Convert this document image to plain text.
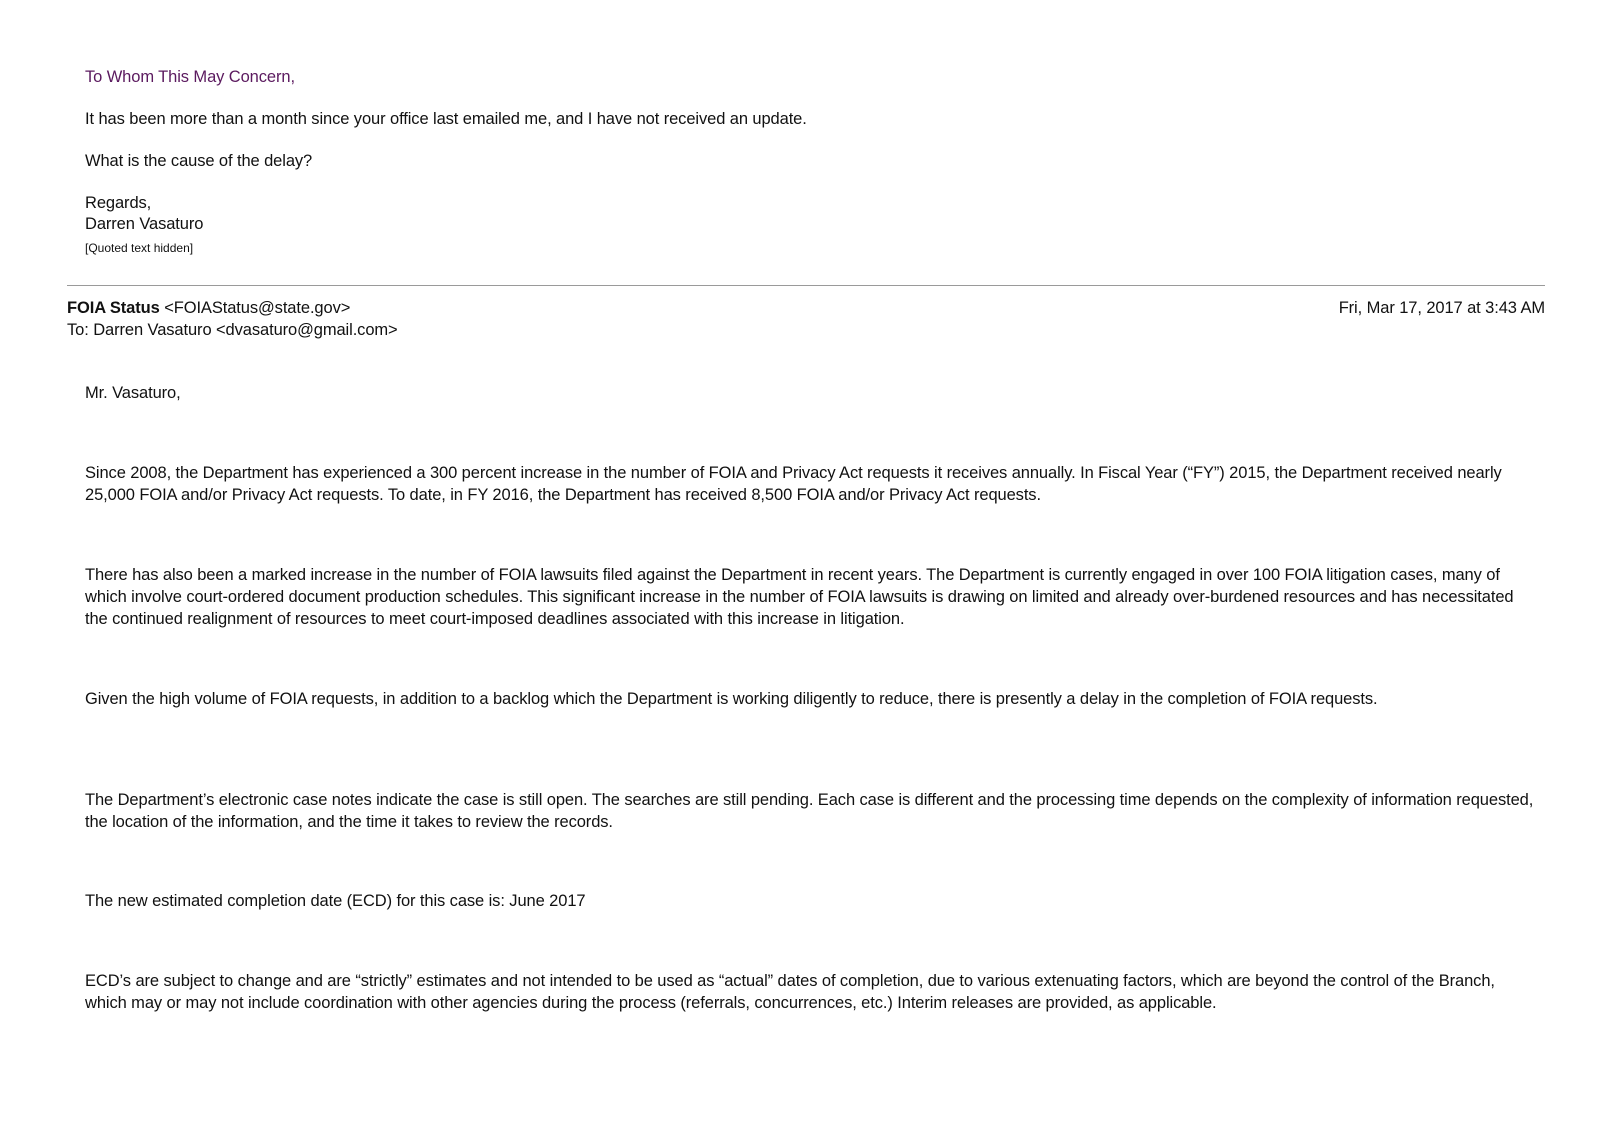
To Whom This May Concern,
It has been more than a month since your office last emailed me, and I have not received an update.
What is the cause of the delay?
Regards,
Darren Vasaturo
[Quoted text hidden]
FOIA Status <FOIAStatus@state.gov>
To: Darren Vasaturo <dvasaturo@gmail.com>
Fri, Mar 17, 2017 at 3:43 AM
Mr. Vasaturo,
Since 2008, the Department has experienced a 300 percent increase in the number of FOIA and Privacy Act requests it receives annually. In Fiscal Year (“FY”) 2015, the Department received nearly 25,000 FOIA and/or Privacy Act requests. To date, in FY 2016, the Department has received 8,500 FOIA and/or Privacy Act requests.
There has also been a marked increase in the number of FOIA lawsuits filed against the Department in recent years. The Department is currently engaged in over 100 FOIA litigation cases, many of which involve court-ordered document production schedules. This significant increase in the number of FOIA lawsuits is drawing on limited and already over-burdened resources and has necessitated the continued realignment of resources to meet court-imposed deadlines associated with this increase in litigation.
Given the high volume of FOIA requests, in addition to a backlog which the Department is working diligently to reduce, there is presently a delay in the completion of FOIA requests.
The Department’s electronic case notes indicate the case is still open. The searches are still pending. Each case is different and the processing time depends on the complexity of information requested, the location of the information, and the time it takes to review the records.
The new estimated completion date (ECD) for this case is: June 2017
ECD’s are subject to change and are “strictly” estimates and not intended to be used as “actual” dates of completion, due to various extenuating factors, which are beyond the control of the Branch, which may or may not include coordination with other agencies during the process (referrals, concurrences, etc.) Interim releases are provided, as applicable.
